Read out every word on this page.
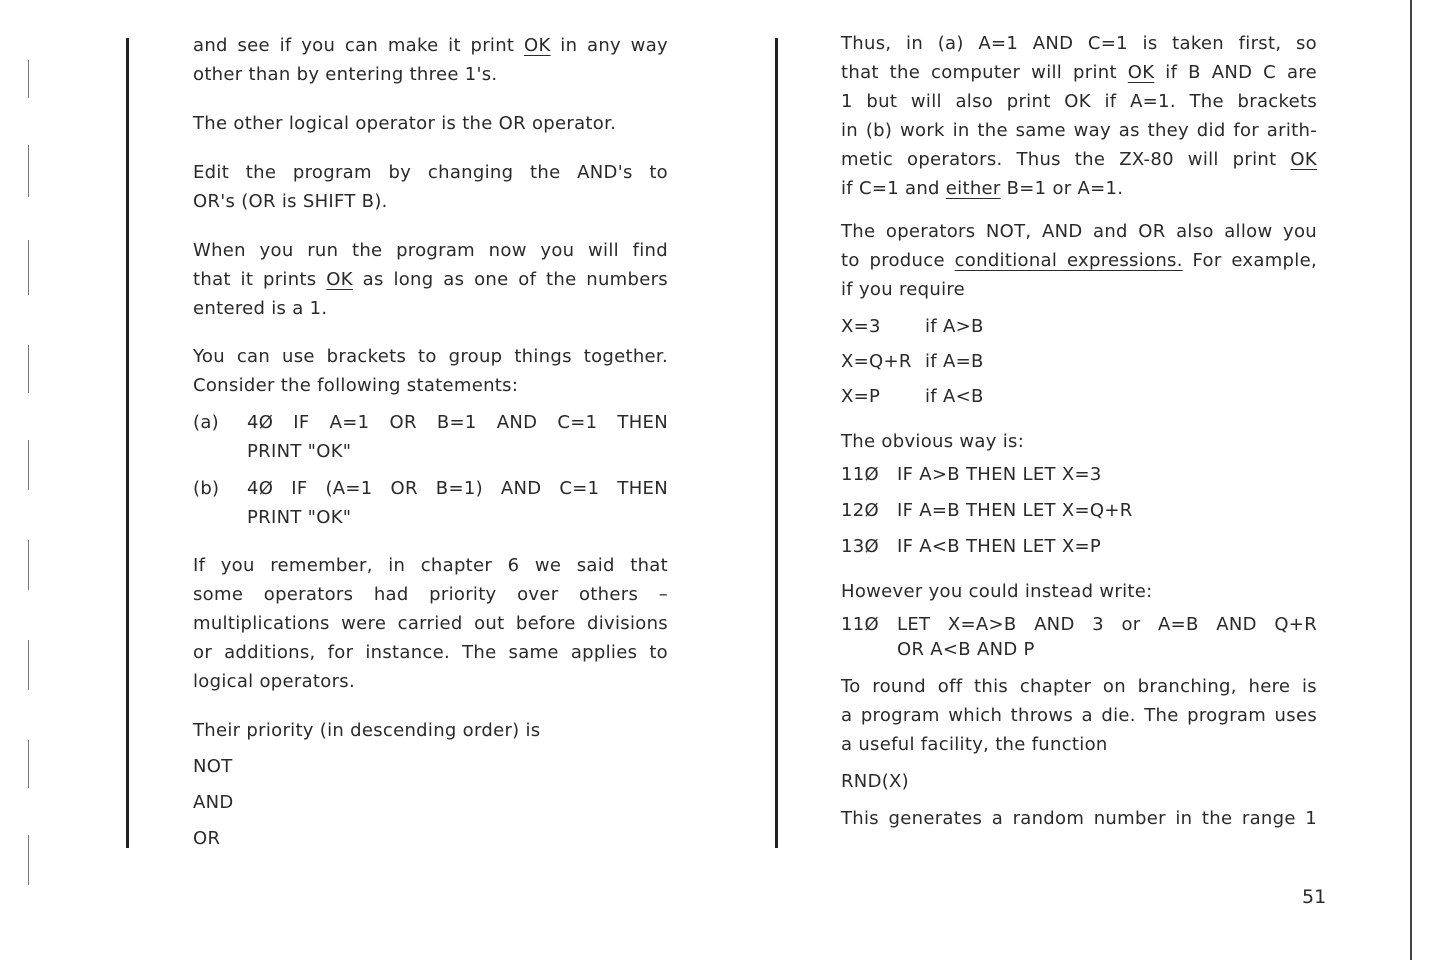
and see if you can make it print OK in any way

other than by entering three 1's.

The other logical operator is the OR operator.

Edit the program by changing the AND's to

OR's (OR is SHIFT B).

When you run the program now you will find

that it prints OK as long as one of the numbers

entered is a 1.

You can use brackets to group things together.

Consider the following statements:

(a)	4Ø IF A=1 OR B=1 AND C=1 THEN

PRINT "OK"

(b)	4Ø IF (A=1 OR B=1) AND C=1 THEN

PRINT "OK"

If you remember, in chapter 6 we said that

some operators had priority over others –

multiplications were carried out before divisions

or additions, for instance. The same applies to

logical operators.

Their priority (in descending order) is

NOT

AND

OR

Thus, in (a) A=1 AND C=1 is taken first, so

that the computer will print OK if B AND C are

1 but will also print OK if A=1. The brackets

in (b) work in the same way as they did for arith-

metic operators. Thus the ZX-80 will print OK

if C=1 and either B=1 or A=1.

The operators NOT, AND and OR also allow you

to produce conditional expressions. For example,

if you require

X=3	if A>B
X=Q+R if A=B
X=P	if A<B

The obvious way is:

11Ø	IF A>B THEN LET X=3
12Ø	IF A=B THEN LET X=Q+R
13Ø	IF A<B THEN LET X=P

However you could instead write:

11Ø	LET X=A>B AND 3 or A=B AND Q+R

OR A<B AND P

To round off this chapter on branching, here is

a program which throws a die. The program uses

a useful facility, the function

RND(X)

This generates a random number in the range 1

51
